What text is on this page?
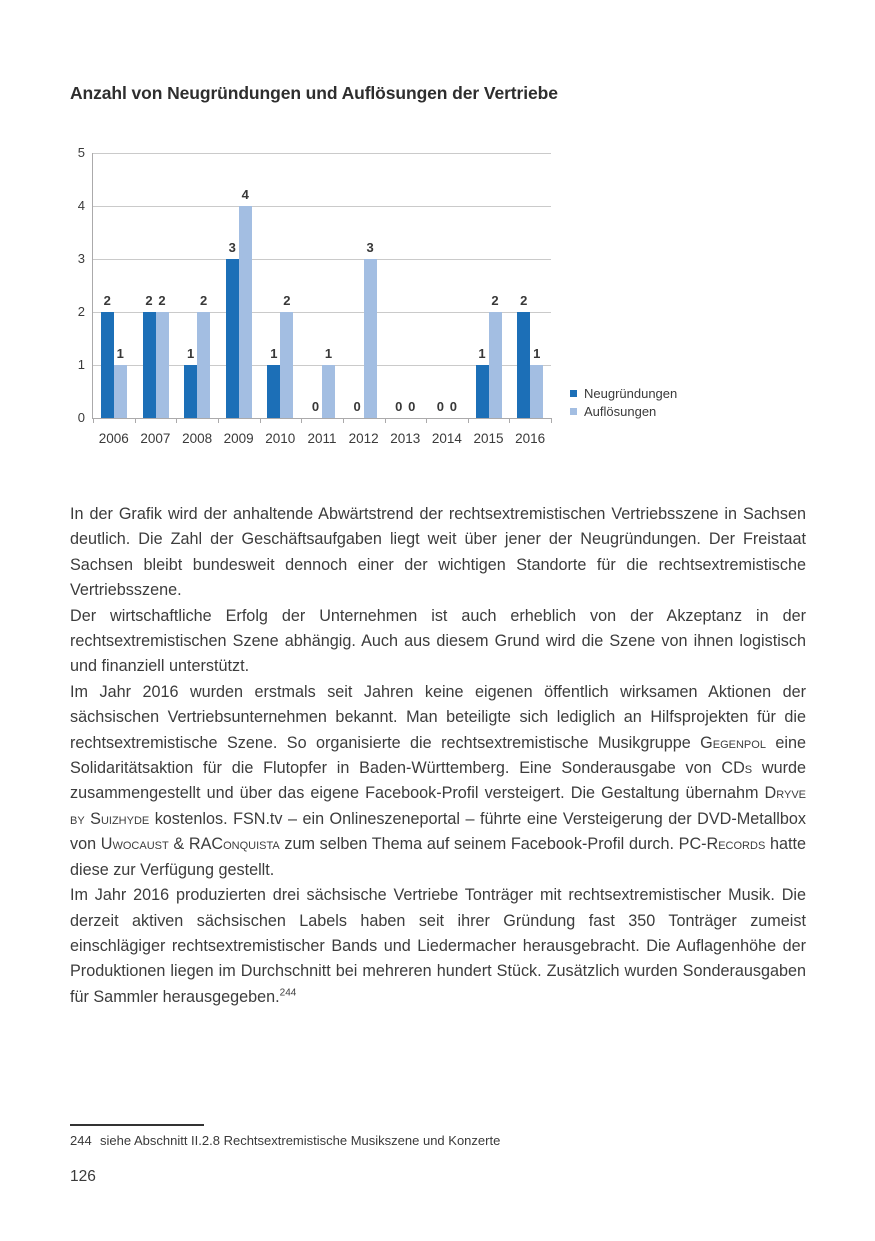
Anzahl von Neugründungen und Auflösungen der Vertriebe
0
1
2
3
4
5
2
1
2006
2 2
2007
1
2
2008
3
4
2009
1
2
2010
0
1
2011
0
3
2012
0 0
2013
0 0
2014
1
2
2015
2
1
2016
Neugründungen
Auflösungen

In der Grafik wird der anhaltende Abwärtstrend der rechtsextremistischen Vertriebsszene in Sachsen deutlich. Die Zahl der Geschäftsaufgaben liegt weit über jener der Neugründungen. Der Freistaat Sachsen bleibt bundesweit dennoch einer der wichtigen Standorte für die rechtsextremistische Vertriebsszene.

Der wirtschaftliche Erfolg der Unternehmen ist auch erheblich von der Akzeptanz in der rechtsextremistischen Szene abhängig. Auch aus diesem Grund wird die Szene von ihnen logistisch und finanziell unterstützt.

Im Jahr 2016 wurden erstmals seit Jahren keine eigenen öffentlich wirksamen Aktionen der sächsischen Vertriebsunternehmen bekannt. Man beteiligte sich lediglich an Hilfsprojekten für die rechtsextremistische Szene. So organisierte die rechtsextremistische Musikgruppe Gegenpol eine Solidaritätsaktion für die Flutopfer in Baden-Württemberg. Eine Sonderausgabe von CDs wurde zusammengestellt und über das eigene Facebook-Profil versteigert. Die Gestaltung übernahm Dryve by Suizhyde kostenlos. FSN.tv – ein Onlineszeneportal – führte eine Versteigerung der DVD-Metallbox von Uwocaust & RAConquista zum selben Thema auf seinem Facebook-Profil durch. PC-Records hatte diese zur Verfügung gestellt.

Im Jahr 2016 produzierten drei sächsische Vertriebe Tonträger mit rechtsextremistischer Musik. Die derzeit aktiven sächsischen Labels haben seit ihrer Gründung fast 350 Tonträger zumeist einschlägiger rechtsextremistischer Bands und Liedermacher herausgebracht. Die Auflagenhöhe der Produktionen liegen im Durchschnitt bei mehreren hundert Stück. Zusätzlich wurden Sonderausgaben für Sammler herausgegeben.$^{244}$

244 siehe Abschnitt II.2.8 Rechtsextremistische Musikszene und Konzerte
126
